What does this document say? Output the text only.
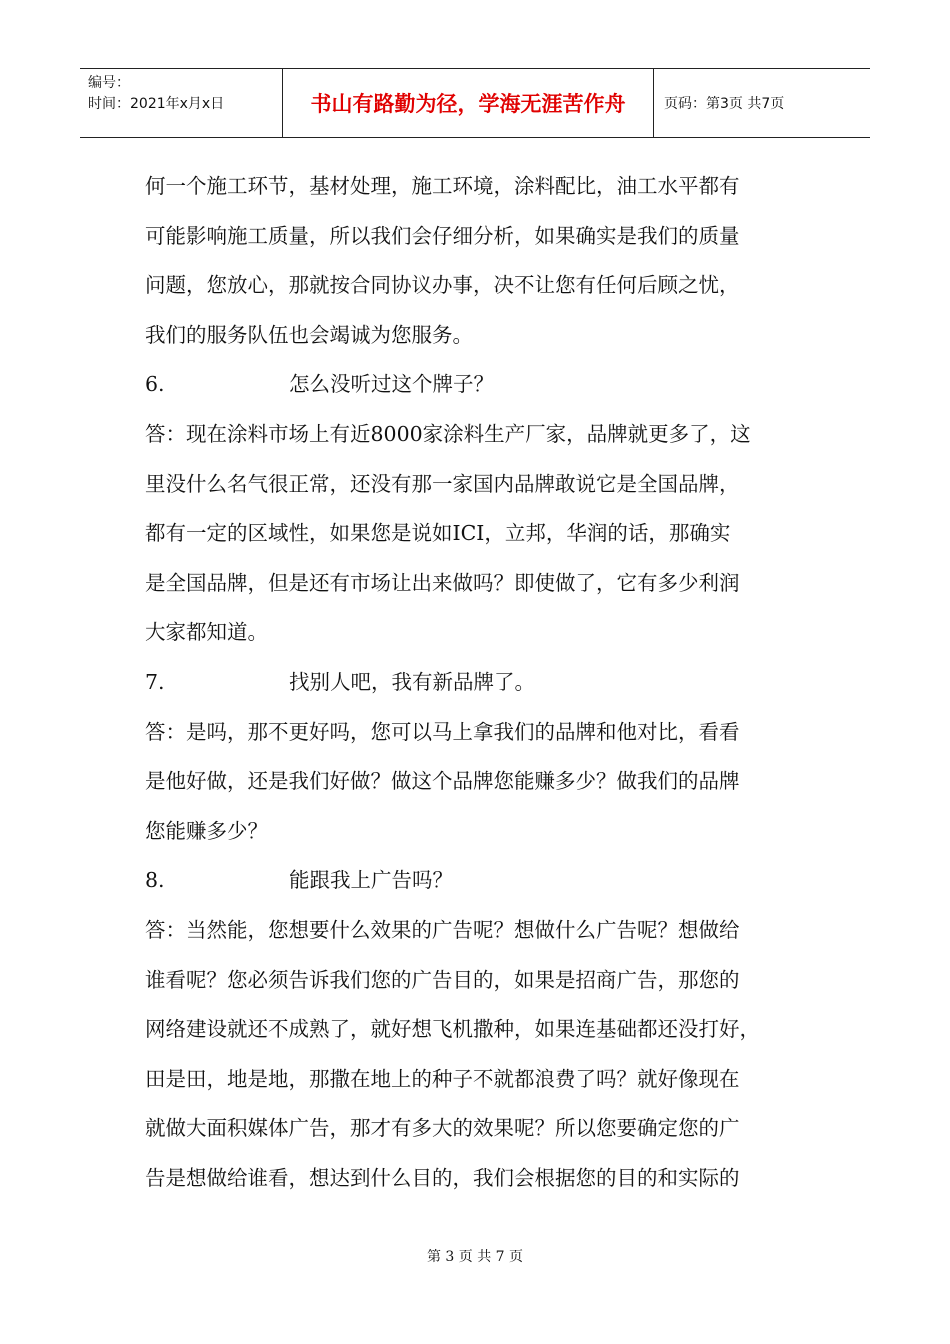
编号：
时间：2021年x月x日	书山有路勤为径，学海无涯苦作舟	页码：第3页 共7页
何一个施工环节，基材处理，施工环境，涂料配比，油工水平都有
可能影响施工质量，所以我们会仔细分析，如果确实是我们的质量
问题，您放心，那就按合同协议办事，决不让您有任何后顾之忧，
我们的服务队伍也会竭诚为您服务。
6.	怎么没听过这个牌子？
答：现在涂料市场上有近8000家涂料生产厂家，品牌就更多了，这
里没什么名气很正常，还没有那一家国内品牌敢说它是全国品牌，
都有一定的区域性，如果您是说如ICI，立邦，华润的话，那确实
是全国品牌，但是还有市场让出来做吗？即使做了，它有多少利润
大家都知道。
7.	找别人吧，我有新品牌了。
答：是吗，那不更好吗，您可以马上拿我们的品牌和他对比，看看
是他好做，还是我们好做？做这个品牌您能赚多少？做我们的品牌
您能赚多少？
8.	能跟我上广告吗？
答：当然能，您想要什么效果的广告呢？想做什么广告呢？想做给
谁看呢？您必须告诉我们您的广告目的，如果是招商广告，那您的
网络建设就还不成熟了，就好想飞机撒种，如果连基础都还没打好，
田是田，地是地，那撒在地上的种子不就都浪费了吗？就好像现在
就做大面积媒体广告，那才有多大的效果呢？所以您要确定您的广
告是想做给谁看，想达到什么目的，我们会根据您的目的和实际的
第 3 页 共 7 页
